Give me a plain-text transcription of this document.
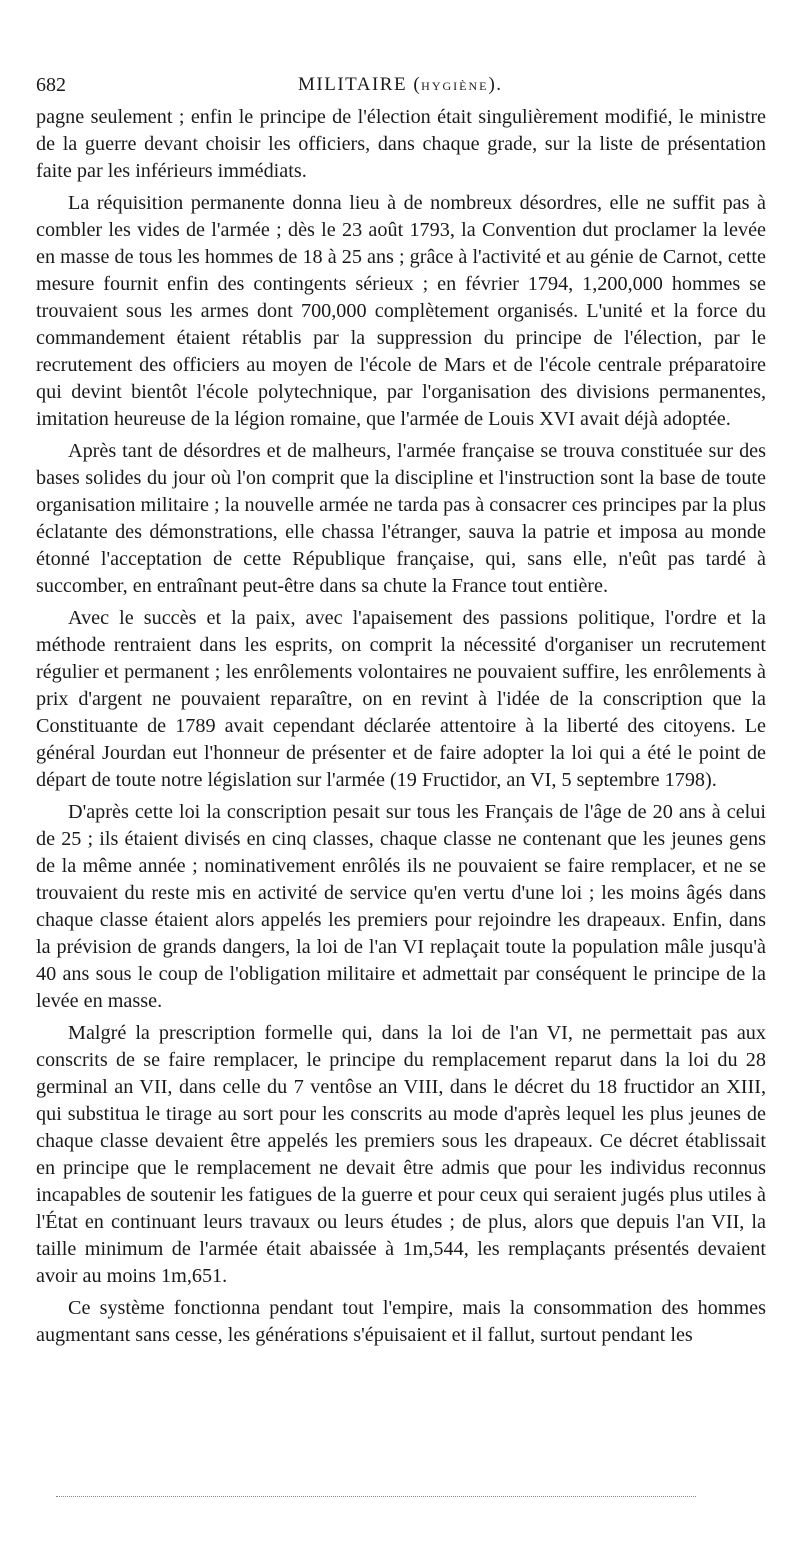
682	MILITAIRE (HYGIÈNE).

pagne seulement ; enfin le principe de l'élection était singulièrement modifié, le ministre de la guerre devant choisir les officiers, dans chaque grade, sur la liste de présentation faite par les inférieurs immédiats.

La réquisition permanente donna lieu à de nombreux désordres, elle ne suffit pas à combler les vides de l'armée ; dès le 23 août 1793, la Convention dut proclamer la levée en masse de tous les hommes de 18 à 25 ans ; grâce à l'activité et au génie de Carnot, cette mesure fournit enfin des contingents sérieux ; en février 1794, 1,200,000 hommes se trouvaient sous les armes dont 700,000 complètement organisés. L'unité et la force du commandement étaient rétablis par la suppression du principe de l'élection, par le recrutement des officiers au moyen de l'école de Mars et de l'école centrale préparatoire qui devint bientôt l'école polytechnique, par l'organisation des divisions permanentes, imitation heureuse de la légion romaine, que l'armée de Louis XVI avait déjà adoptée.

Après tant de désordres et de malheurs, l'armée française se trouva constituée sur des bases solides du jour où l'on comprit que la discipline et l'instruction sont la base de toute organisation militaire ; la nouvelle armée ne tarda pas à consacrer ces principes par la plus éclatante des démonstrations, elle chassa l'étranger, sauva la patrie et imposa au monde étonné l'acceptation de cette République française, qui, sans elle, n'eût pas tardé à succomber, en entraînant peut-être dans sa chute la France tout entière.

Avec le succès et la paix, avec l'apaisement des passions politique, l'ordre et la méthode rentraient dans les esprits, on comprit la nécessité d'organiser un recrutement régulier et permanent ; les enrôlements volontaires ne pouvaient suffire, les enrôlements à prix d'argent ne pouvaient reparaître, on en revint à l'idée de la conscription que la Constituante de 1789 avait cependant déclarée attentoire à la liberté des citoyens. Le général Jourdan eut l'honneur de présenter et de faire adopter la loi qui a été le point de départ de toute notre législation sur l'armée (19 Fructidor, an VI, 5 septembre 1798).

D'après cette loi la conscription pesait sur tous les Français de l'âge de 20 ans à celui de 25 ; ils étaient divisés en cinq classes, chaque classe ne contenant que les jeunes gens de la même année ; nominativement enrôlés ils ne pouvaient se faire remplacer, et ne se trouvaient du reste mis en activité de service qu'en vertu d'une loi ; les moins âgés dans chaque classe étaient alors appelés les premiers pour rejoindre les drapeaux. Enfin, dans la prévision de grands dangers, la loi de l'an VI replaçait toute la population mâle jusqu'à 40 ans sous le coup de l'obligation militaire et admettait par conséquent le principe de la levée en masse.

Malgré la prescription formelle qui, dans la loi de l'an VI, ne permettait pas aux conscrits de se faire remplacer, le principe du remplacement reparut dans la loi du 28 germinal an VII, dans celle du 7 ventôse an VIII, dans le décret du 18 fructidor an XIII, qui substitua le tirage au sort pour les conscrits au mode d'après lequel les plus jeunes de chaque classe devaient être appelés les premiers sous les drapeaux. Ce décret établissait en principe que le remplacement ne devait être admis que pour les individus reconnus incapables de soutenir les fatigues de la guerre et pour ceux qui seraient jugés plus utiles à l'État en continuant leurs travaux ou leurs études ; de plus, alors que depuis l'an VII, la taille minimum de l'armée était abaissée à 1m,544, les remplaçants présentés devaient avoir au moins 1m,651.

Ce système fonctionna pendant tout l'empire, mais la consommation des hommes augmentant sans cesse, les générations s'épuisaient et il fallut, surtout pendant les
